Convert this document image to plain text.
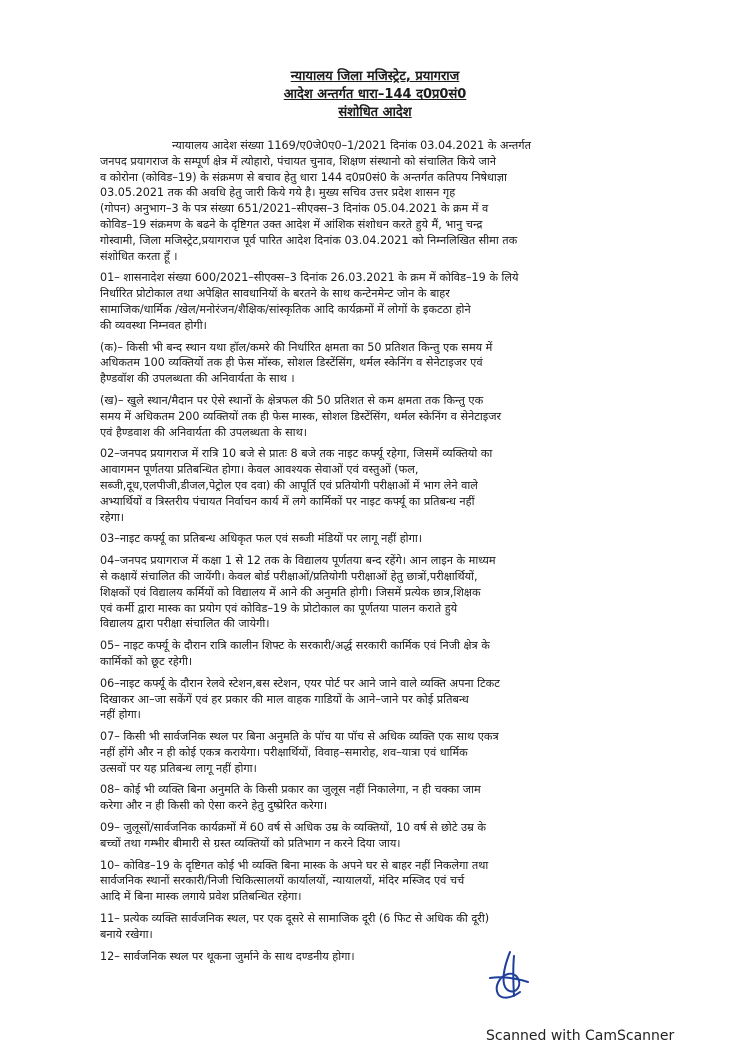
न्यायालय जिला मजिस्ट्रेट, प्रयागराज
आदेश अन्तर्गत धारा–144 द0प्र0सं0
संशोधित आदेश

न्यायालय आदेश संख्या 1169/ए0जे0ए0–1/2021 दिनांक 03.04.2021 के अन्तर्गत
जनपद प्रयागराज के सम्पूर्ण क्षेत्र में त्योहारो, पंचायत चुनाव, शिक्षण संस्थानो को संचालित किये जाने
व कोरोना (कोविड–19) के संक्रमण से बचाव हेतु धारा 144 द0प्र0सं0 के अन्तर्गत कतिपय निषेधाज्ञा
03.05.2021 तक की अवधि हेतु जारी किये गये है। मुख्य सचिव उत्तर प्रदेश शासन गृह
(गोपन) अनुभाग–3 के पत्र संख्या 651/2021–सीएक्स–3 दिनांक 05.04.2021 के क्रम में व
कोविड–19 संक्रमण के बढने के दृष्टिगत उक्त आदेश में आंशिक संशोधन करते हुये मैं, भानु चन्द्र
गोस्वामी, जिला मजिस्ट्रेट,प्रयागराज पूर्व पारित आदेश दिनांक 03.04.2021 को निम्नलिखित सीमा तक
संशोधित करता हूँ ।

01– शासनादेश संख्या 600/2021–सीएक्स–3 दिनांक 26.03.2021 के क्रम में कोविड–19 के लिये
निर्धारित प्रोटोकाल तथा अपेक्षित सावधानियों के बरतने के साथ कन्टेनमेन्ट जोन के बाहर
सामाजिक/धार्मिक /खेल/मनोरंजन/शैक्षिक/सांस्कृतिक आदि कार्यक्रमों में लोगों के इकटठा होने
की व्यवस्था निम्नवत होगी।

(क)– किसी भी बन्द स्थान यथा हॉल/कमरे की निर्धारित क्षमता का 50 प्रतिशत किन्तु एक समय में
अधिकतम 100 व्यक्तियों तक ही फेस मॉस्क, सोशल डिस्टेंसिंग, थर्मल स्केनिंग व सेनेटाइजर एवं
हैण्डवॉश की उपलब्धता की अनिवार्यता के साथ ।

(ख)– खुले स्थान/मैदान पर ऐसे स्थानों के क्षेत्रफल की 50 प्रतिशत से कम क्षमता तक किन्तु एक
समय में अधिकतम 200 व्यक्तियों तक ही फेस मास्क, सोशल डिस्टेंसिंग, थर्मल स्केनिंग व सेनेटाइजर
एवं हैण्डवाश की अनिवार्यता की उपलब्धता के साथ।

02–जनपद प्रयागराज में रात्रि 10 बजे से प्रातः 8 बजे तक नाइट कर्फ्यू रहेगा, जिसमें व्यक्तियो का
आवागमन पूर्णतया प्रतिबन्धित होगा। केवल आवश्यक सेवाओं एवं वस्तुओं (फल,
सब्जी,दूध,एलपीजी,डीजल,पेट्रोल एव दवा) की आपूर्ति एवं प्रतियोगी परीक्षाओं में भाग लेने वाले
अभ्यार्थियों व त्रिस्तरीय पंचायत निर्वाचन कार्य में लगे कार्मिकों पर नाइट कर्फ्यू का प्रतिबन्ध नहीं
रहेगा।

03–नाइट कर्फ्यू का प्रतिबन्ध अधिकृत फल एवं सब्जी मंडियों पर लागू नहीं होगा।

04–जनपद प्रयागराज में कक्षा 1 से 12 तक के विद्यालय पूर्णतया बन्द रहेंगे। आन लाइन के माध्यम
से कक्षायें संचालित की जायेंगी। केवल बोर्ड परीक्षाओं/प्रतियोगी परीक्षाओं हेतु छात्रों,परीक्षार्थियों,
शिक्षकों एवं विद्यालय कर्मियों को विद्यालय में आने की अनुमति होगी। जिसमें प्रत्येक छात्र,शिक्षक
एवं कर्मी द्वारा मास्क का प्रयोग एवं कोविड–19 के प्रोटोकाल का पूर्णतया पालन कराते हुये
विद्यालय द्वारा परीक्षा संचालित की जायेगी।

05– नाइट कर्फ्यू के दौरान रात्रि कालीन शिफ्ट के सरकारी/अर्द्ध सरकारी कार्मिक एवं निजी क्षेत्र के
कार्मिकों को छूट रहेगी।

06–नाइट कर्फ्यू के दौरान रेलवे स्टेशन,बस स्टेशन, एयर पोर्ट पर आने जाने वाले व्यक्ति अपना टिकट
दिखाकर आ–जा सकेंगें एवं हर प्रकार की माल वाहक गाडियों के आने–जाने पर कोई प्रतिबन्ध
नहीं होगा।

07– किसी भी सार्वजनिक स्थल पर बिना अनुमति के पॉच या पॉच से अधिक व्यक्ति एक साथ एकत्र
नहीं होंगे और न ही कोई एकत्र करायेगा। परीक्षार्थियों, विवाह–समारोह, शव–यात्रा एवं धार्मिक
उत्सवों पर यह प्रतिबन्ध लागू नहीं होगा।

08– कोई भी व्यक्ति बिना अनुमति के किसी प्रकार का जुलूस नहीं निकालेगा, न ही चक्का जाम
करेगा और न ही किसी को ऐसा करने हेतु दुष्प्रेरित करेगा।

09– जुलूसों/सार्वजनिक कार्यक्रमों में 60 वर्ष से अधिक उम्र के व्यक्तियों, 10 वर्ष से छोटे उम्र के
बच्चों तथा गम्भीर बीमारी से ग्रस्त व्यक्तियों को प्रतिभाग न करने दिया जाय।

10– कोविड–19 के दृष्टिगत कोई भी व्यक्ति बिना मास्क के अपने घर से बाहर नहीं निकलेगा तथा
सार्वजनिक स्थानों सरकारी/निजी चिकित्सालयों कार्यालयों, न्यायालयों, मंदिर मस्जिद एवं चर्च
आदि में बिना मास्क लगाये प्रवेश प्रतिबन्धित रहेगा।

11– प्रत्येक व्यक्ति सार्वजनिक स्थल, पर एक दूसरे से सामाजिक दूरी (6 फिट से अधिक की दूरी)
बनाये रखेगा।

12– सार्वजनिक स्थल पर थूकना जुर्माने के साथ दण्डनीय होगा।

Scanned with CamScanner
